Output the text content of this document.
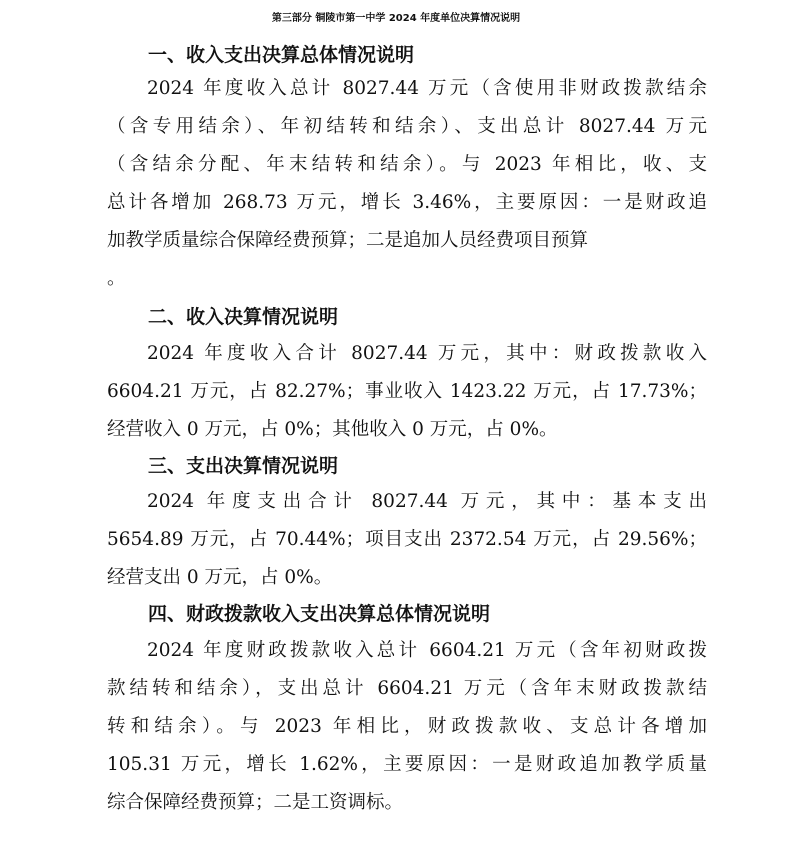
第三部分 铜陵市第一中学 2024 年度单位决算情况说明
一、收入支出决算总体情况说明
2024 年度收入总计 8027.44 万元（含使用非财政拨款结余
（含专用结余）、年初结转和结余）、支出总计 8027.44 万元
（含结余分配、年末结转和结余）。与 2023 年相比，收、支
总计各增加 268.73 万元，增长 3.46%，主要原因：一是财政追
加教学质量综合保障经费预算；二是追加人员经费项目预算
。
二、收入决算情况说明
2024 年度收入合计 8027.44 万元，其中：财政拨款收入
6604.21 万元，占 82.27%；事业收入 1423.22 万元，占 17.73%；
经营收入 0 万元，占 0%；其他收入 0 万元，占 0%。
三、支出决算情况说明
2024 年度支出合计 8027.44 万元，其中：基本支出
5654.89 万元，占 70.44%；项目支出 2372.54 万元，占 29.56%；
经营支出 0 万元，占 0%。
四、财政拨款收入支出决算总体情况说明
2024 年度财政拨款收入总计 6604.21 万元（含年初财政拨
款结转和结余），支出总计 6604.21 万元（含年末财政拨款结
转和结余）。与 2023 年相比，财政拨款收、支总计各增加
105.31 万元，增长 1.62%，主要原因：一是财政追加教学质量
综合保障经费预算；二是工资调标。
